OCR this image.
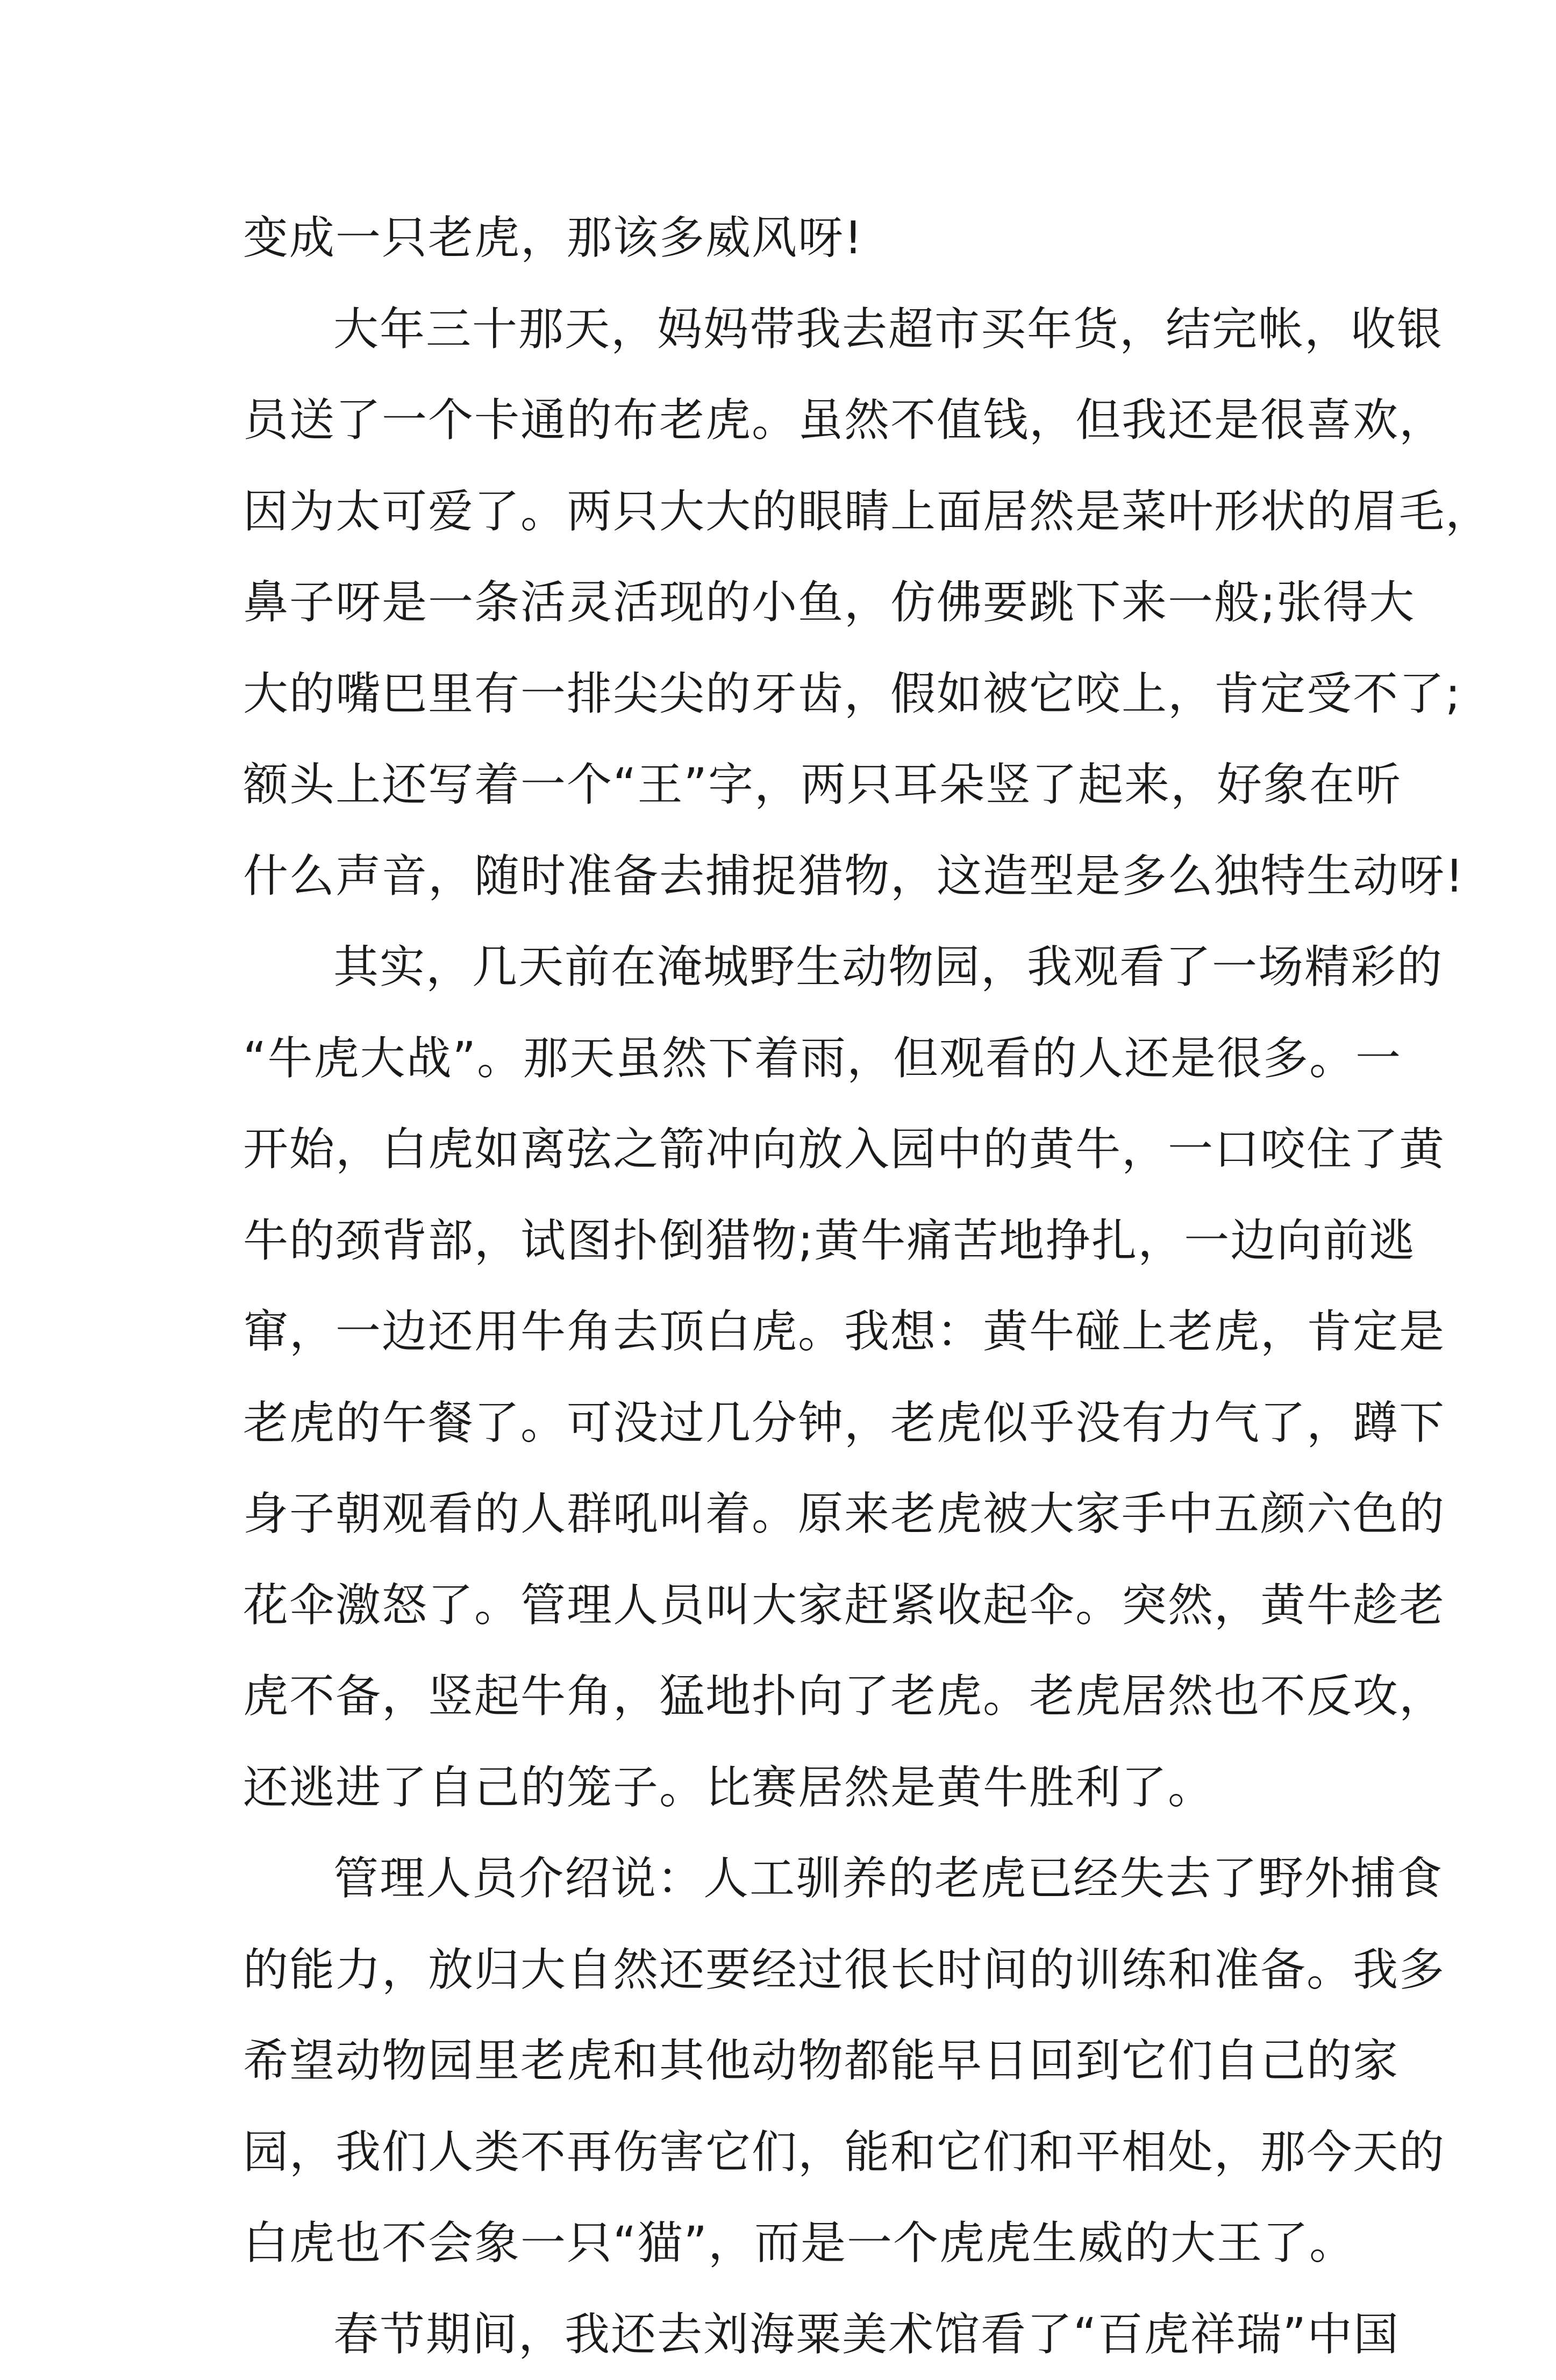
变成一只老虎，那该多威风呀!
大年三十那天，妈妈带我去超市买年货，结完帐，收银
员送了一个卡通的布老虎。虽然不值钱，但我还是很喜欢，
因为太可爱了。两只大大的眼睛上面居然是菜叶形状的眉毛，
鼻子呀是一条活灵活现的小鱼，仿佛要跳下来一般;张得大
大的嘴巴里有一排尖尖的牙齿，假如被它咬上，肯定受不了;
额头上还写着一个“王”字，两只耳朵竖了起来，好象在听
什么声音，随时准备去捕捉猎物，这造型是多么独特生动呀!
其实，几天前在淹城野生动物园，我观看了一场精彩的
“牛虎大战”。那天虽然下着雨，但观看的人还是很多。一
开始，白虎如离弦之箭冲向放入园中的黄牛，一口咬住了黄
牛的颈背部，试图扑倒猎物;黄牛痛苦地挣扎，一边向前逃
窜，一边还用牛角去顶白虎。我想：黄牛碰上老虎，肯定是
老虎的午餐了。可没过几分钟，老虎似乎没有力气了，蹲下
身子朝观看的人群吼叫着。原来老虎被大家手中五颜六色的
花伞激怒了。管理人员叫大家赶紧收起伞。突然，黄牛趁老
虎不备，竖起牛角，猛地扑向了老虎。老虎居然也不反攻，
还逃进了自己的笼子。比赛居然是黄牛胜利了。
管理人员介绍说：人工驯养的老虎已经失去了野外捕食
的能力，放归大自然还要经过很长时间的训练和准备。我多
希望动物园里老虎和其他动物都能早日回到它们自己的家
园，我们人类不再伤害它们，能和它们和平相处，那今天的
白虎也不会象一只“猫”，而是一个虎虎生威的大王了。
春节期间，我还去刘海粟美术馆看了“百虎祥瑞”中国
